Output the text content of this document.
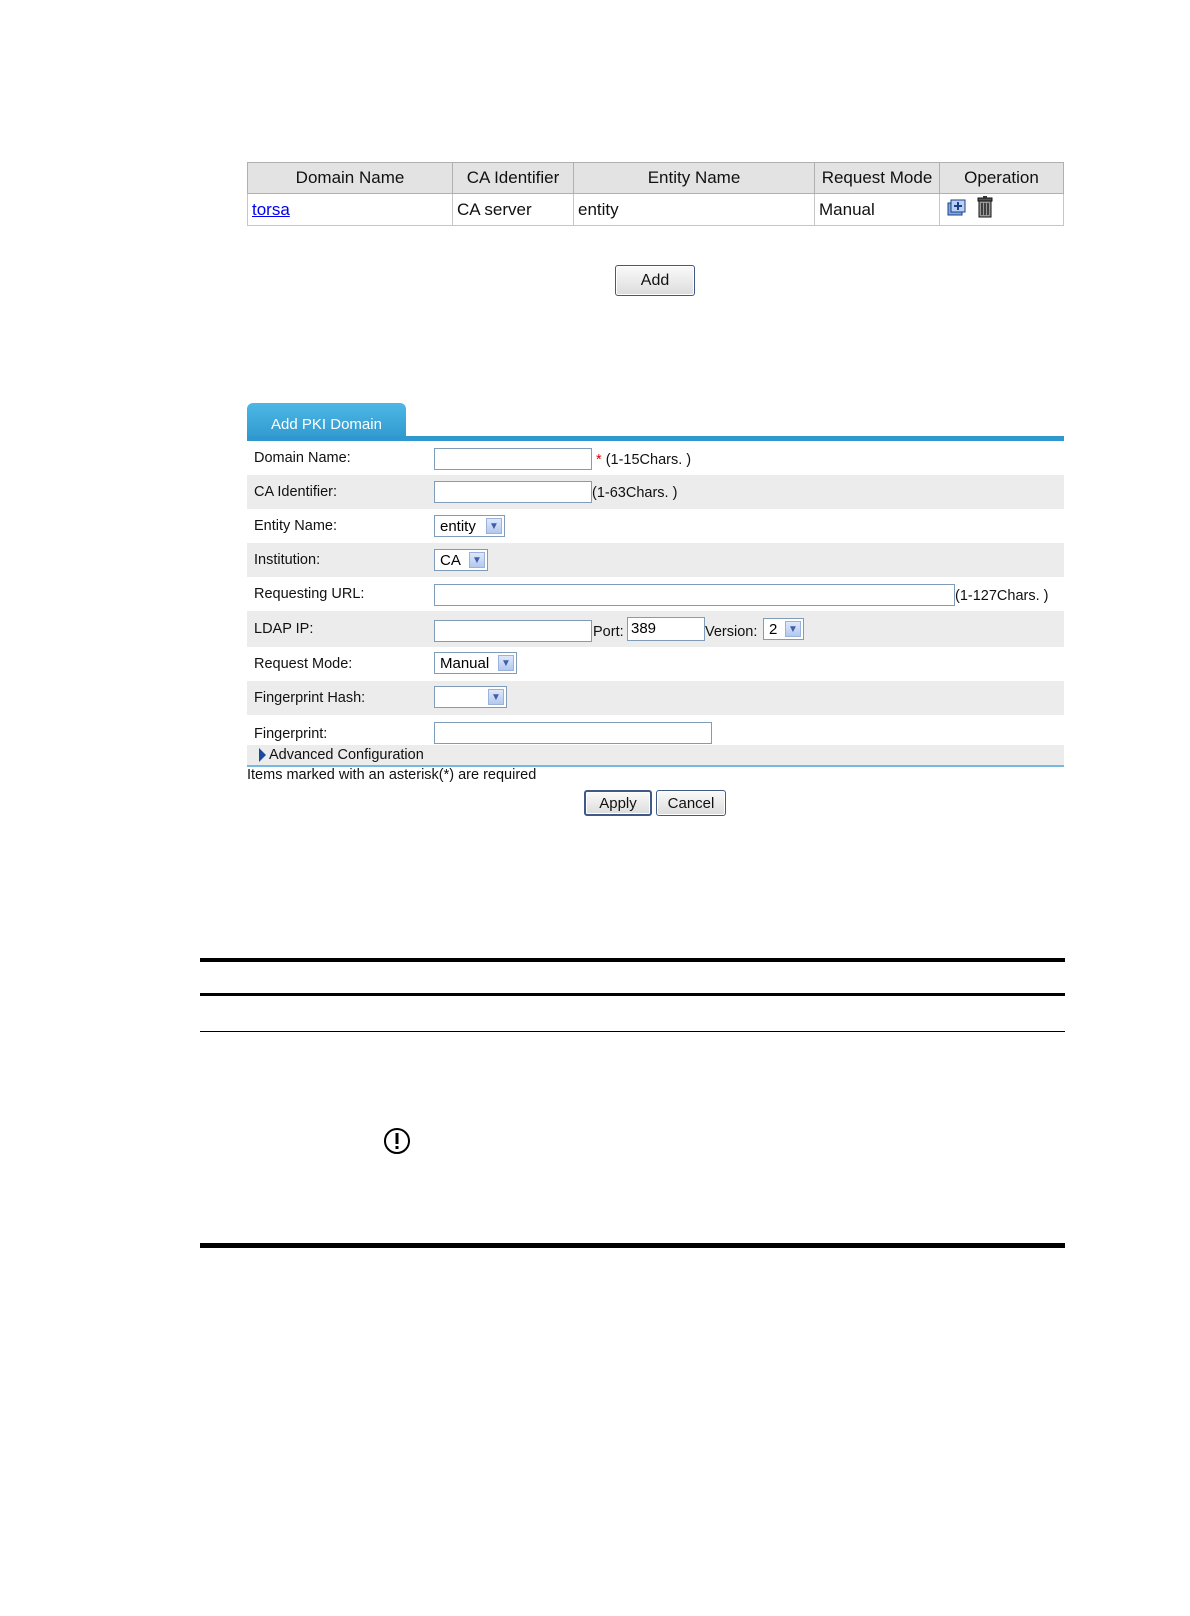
Domain Name	CA Identifier	Entity Name	Request Mode	Operation
torsa	CA server	entity	Manual	
Add
Add PKI Domain
Domain Name:	* (1-15Chars. )
CA Identifier:	(1-63Chars. )
Entity Name:	entity	▼
Institution:	CA	▼
Requesting URL:	(1-127Chars. )
LDAP IP:	Port: 389	Version: 2	▼
Request Mode:	Manual	▼
Fingerprint Hash:	▼
Fingerprint:
Advanced Configuration
Items marked with an asterisk(*) are required
Apply	Cancel
